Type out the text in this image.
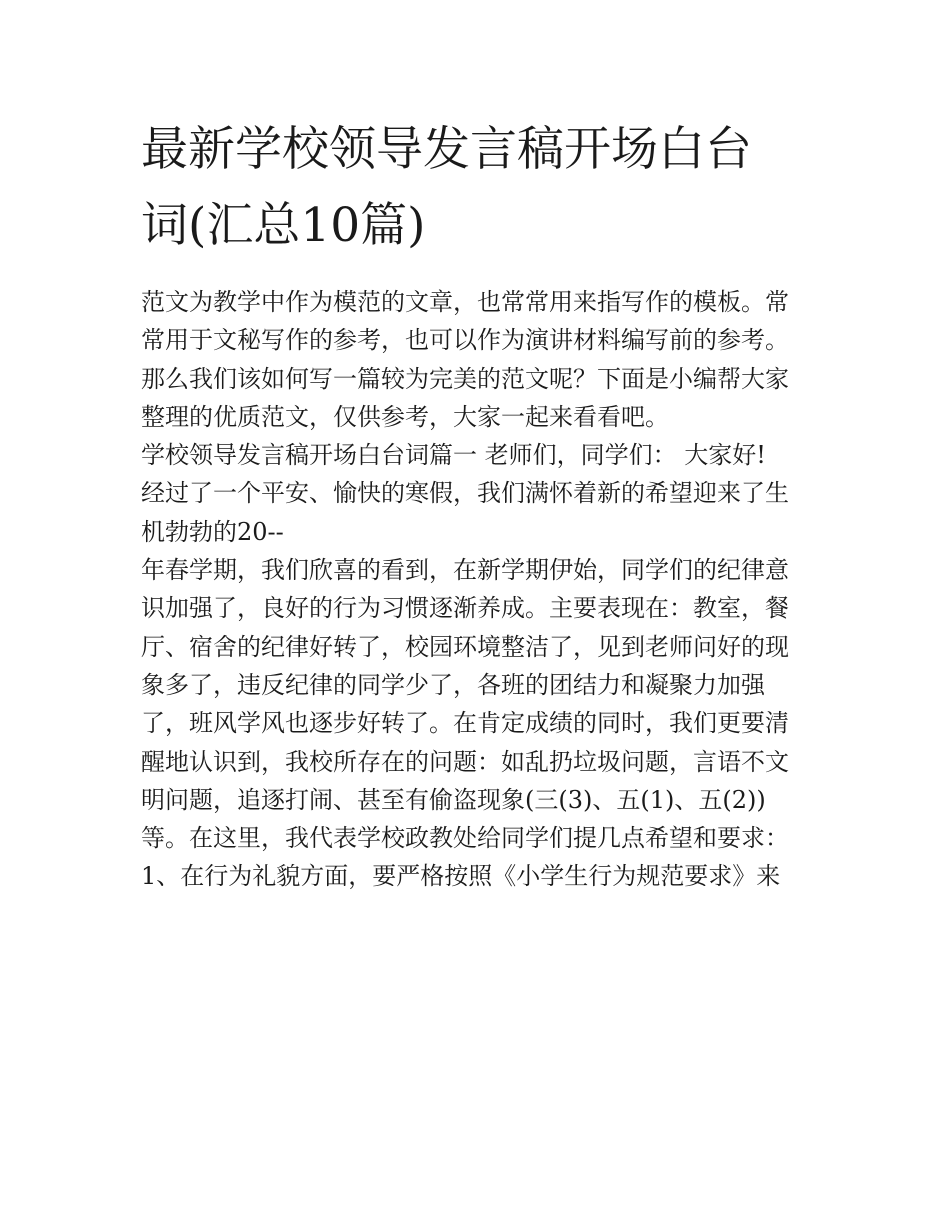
最新学校领导发言稿开场白台
词(汇总10篇)
范文为教学中作为模范的文章，也常常用来指写作的模板。常
常用于文秘写作的参考，也可以作为演讲材料编写前的参考。
那么我们该如何写一篇较为完美的范文呢？下面是小编帮大家
整理的优质范文，仅供参考，大家一起来看看吧。
学校领导发言稿开场白台词篇一 老师们，同学们： 大家好!
经过了一个平安、愉快的寒假，我们满怀着新的希望迎来了生
机勃勃的20--
年春学期，我们欣喜的看到，在新学期伊始，同学们的纪律意
识加强了，良好的行为习惯逐渐养成。主要表现在：教室，餐
厅、宿舍的纪律好转了，校园环境整洁了，见到老师问好的现
象多了，违反纪律的同学少了，各班的团结力和凝聚力加强
了，班风学风也逐步好转了。在肯定成绩的同时，我们更要清
醒地认识到，我校所存在的问题：如乱扔垃圾问题，言语不文
明问题，追逐打闹、甚至有偷盗现象(三(3)、五(1)、五(2))
等。在这里，我代表学校政教处给同学们提几点希望和要求：
1、在行为礼貌方面，要严格按照《小学生行为规范要求》来
